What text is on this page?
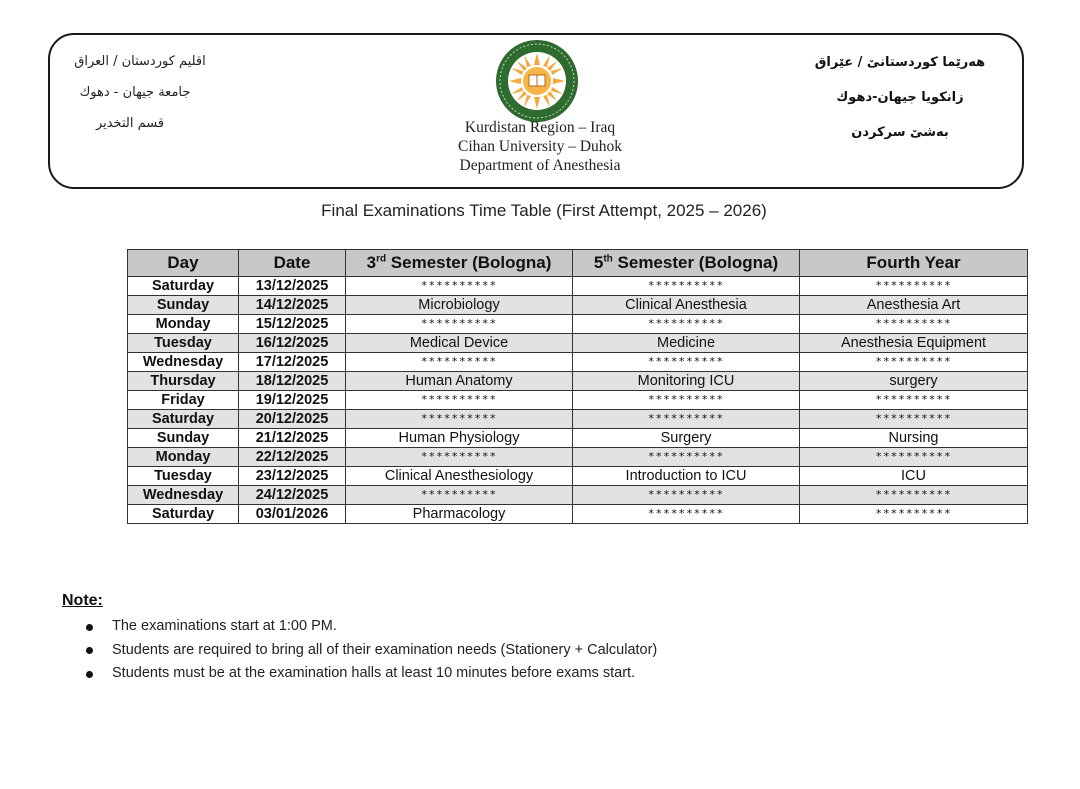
اقليم كوردستان / العراق
جامعة جيهان - دهوك
قسم التخدير	Kurdistan Region – Iraq
Cihan University – Duhok
Department of Anesthesia
هەرێما كوردستانێ / عێراق
زانكويا جيهان-دهوك
بەشێ سركردن
Final Examinations Time Table (First Attempt, 2025 – 2026)
Day	Date	3rd Semester (Bologna)	5th Semester (Bologna)	Fourth Year
Saturday	13/12/2025	**********	**********	**********
Sunday	14/12/2025	Microbiology	Clinical Anesthesia	Anesthesia Art
Monday	15/12/2025	**********	**********	**********
Tuesday	16/12/2025	Medical Device	Medicine	Anesthesia Equipment
Wednesday	17/12/2025	**********	**********	**********
Thursday	18/12/2025	Human Anatomy	Monitoring ICU	surgery
Friday	19/12/2025	**********	**********	**********
Saturday	20/12/2025	**********	**********	**********
Sunday	21/12/2025	Human Physiology	Surgery	Nursing
Monday	22/12/2025	**********	**********	**********
Tuesday	23/12/2025	Clinical Anesthesiology	Introduction to ICU	ICU
Wednesday	24/12/2025	**********	**********	**********
Saturday	03/01/2026	Pharmacology	**********	**********
Note:
The examinations start at 1:00 PM.
Students are required to bring all of their examination needs (Stationery + Calculator)
Students must be at the examination halls at least 10 minutes before exams start.
